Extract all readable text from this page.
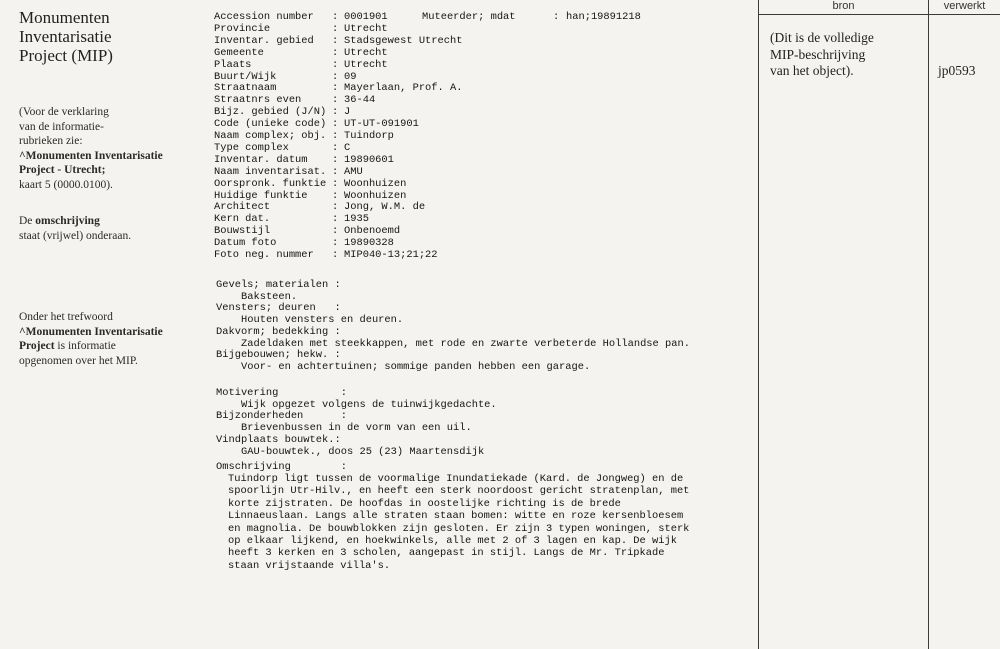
Monumenten
Inventarisatie
Project (MIP)
(Voor de verklaring
van de informatie-
rubrieken zie:
^Monumenten Inventarisatie
Project - Utrecht;
kaart 5 (0000.0100).
De omschrijving
staat (vrijwel) onderaan.
Onder het trefwoord
^Monumenten Inventarisatie
Project is informatie
opgenomen over het MIP.
Accession number	: 0001901
Provincie	: Utrecht
Inventar. gebied	: Stadsgewest Utrecht
Gemeente	: Utrecht
Plaats	: Utrecht
Buurt/Wijk	: 09
Straatnaam	: Mayerlaan, Prof. A.
Straatnrs even	: 36-44
Bijz. gebied (J/N) : J
Code (unieke code) : UT-UT-091901
Naam complex; obj. : Tuindorp
Type complex	: C
Inventar. datum	: 19890601
Naam inventarisat. : AMU
Oorspronk. funktie : Woonhuizen
Huidige funktie	: Woonhuizen
Architect	: Jong, W.M. de
Kern dat.	: 1935
Bouwstijl	: Onbenoemd
Datum foto	: 19890328
Foto neg. nummer	: MIP040-13;21;22
Muteerder; mdat	: han;19891218
Gevels; materialen :
Baksteen.
Vensters; deuren   :
Houten vensters en deuren.
Dakvorm; bedekking :
Zadeldaken met steekkappen, met rode en zwarte verbeterde Hollandse pan.
Bijgebouwen; hekw. :
Voor- en achtertuinen; sommige panden hebben een garage.
Motivering          :
Wijk opgezet volgens de tuinwijkgedachte.
Bijzonderheden      :
Brievenbussen in de vorm van een uil.
Vindplaats bouwtek.:
GAU-bouwtek., doos 25 (23) Maartensdijk
Omschrijving        :
Tuindorp ligt tussen de voormalige Inundatiekade (Kard. de Jongweg) en de
spoorlijn Utr-Hilv., en heeft een sterk noordoost gericht stratenplan, met
korte zijstraten. De hoofdas in oostelijke richting is de brede
Linnaeuslaan. Langs alle straten staan bomen: witte en roze kersenbloesem
en magnolia. De bouwblokken zijn gesloten. Er zijn 3 typen woningen, sterk
op elkaar lijkend, en hoekwinkels, alle met 2 of 3 lagen en kap. De wijk
heeft 3 kerken en 3 scholen, aangepast in stijl. Langs de Mr. Tripkade
staan vrijstaande villa's.
bron	verwerkt
(Dit is de volledige
MIP-beschrijving
van het object).	jp0593
